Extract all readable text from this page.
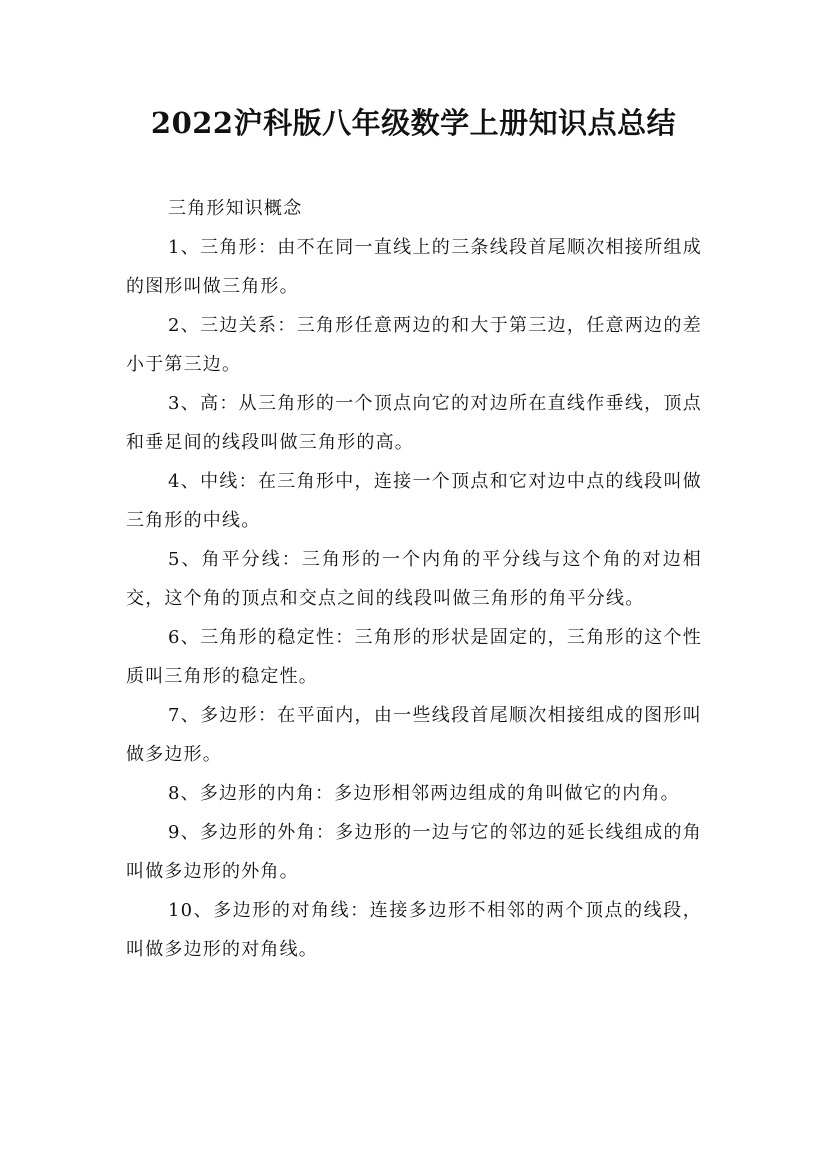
2022沪科版八年级数学上册知识点总结

三角形知识概念

1、三角形：由不在同一直线上的三条线段首尾顺次相接所组成的图形叫做三角形。

2、三边关系：三角形任意两边的和大于第三边，任意两边的差小于第三边。

3、高：从三角形的一个顶点向它的对边所在直线作垂线，顶点和垂足间的线段叫做三角形的高。

4、中线：在三角形中，连接一个顶点和它对边中点的线段叫做三角形的中线。

5、角平分线：三角形的一个内角的平分线与这个角的对边相交，这个角的顶点和交点之间的线段叫做三角形的角平分线。

6、三角形的稳定性：三角形的形状是固定的，三角形的这个性质叫三角形的稳定性。

7、多边形：在平面内，由一些线段首尾顺次相接组成的图形叫做多边形。

8、多边形的内角：多边形相邻两边组成的角叫做它的内角。

9、多边形的外角：多边形的一边与它的邻边的延长线组成的角叫做多边形的外角。

10、多边形的对角线：连接多边形不相邻的两个顶点的线段，叫做多边形的对角线。
